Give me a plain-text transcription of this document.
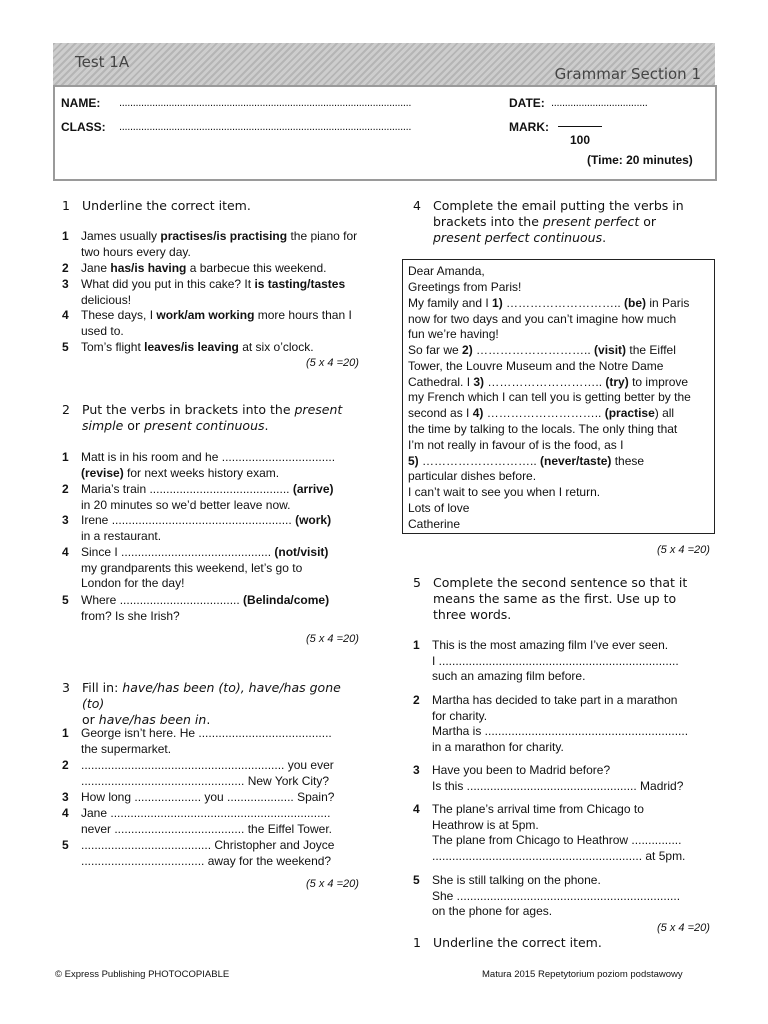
Test 1A
Grammar Section 1
NAME: ..........................................................................................................	DATE: ...................................
CLASS: ..........................................................................................................	MARK:
100
(Time: 20 minutes)
1 Underline the correct item.
1 James usually practises/is practising the piano for two hours every day.
2 Jane has/is having a barbecue this weekend.
3 What did you put in this cake? It is tasting/tastes delicious!
4 These days, I work/am working more hours than I used to.
5 Tom’s flight leaves/is leaving at six o’clock.
(5 x 4 =20)
2 Put the verbs in brackets into the present simple or present continuous.
1 Matt is in his room and he ..................................
(revise) for next weeks history exam.
2 Maria’s train .......................................... (arrive)
in 20 minutes so we’d better leave now.
3 Irene ...................................................... (work)
in a restaurant.
4 Since I ............................................. (not/visit)
my grandparents this weekend, let’s go to
London for the day!
5 Where .................................... (Belinda/come)
from? Is she Irish?
(5 x 4 =20)
3 Fill in: have/has been (to), have/has gone (to)
or have/has been in.
1 George isn’t here. He ........................................
the supermarket.
2 ............................................................. you ever
................................................. New York City?
3 How long .................... you .................... Spain?
4 Jane ..................................................................
never ....................................... the Eiffel Tower.
5 ....................................... Christopher and Joyce
..................................... away for the weekend?
(5 x 4 =20)
4 Complete the email putting the verbs in brackets into the present perfect or
present perfect continuous.
Dear Amanda,
Greetings from Paris!
My family and I 1) ……………………….. (be) in Paris
now for two days and you can’t imagine how much
fun we’re having!
So far we 2) ……………………….. (visit) the Eiffel
Tower, the Louvre Museum and the Notre Dame
Cathedral. I 3) ……………………….. (try) to improve
my French which I can tell you is getting better by the
second as I 4) ……………………….. (practise) all
the time by talking to the locals. The only thing that
I’m not really in favour of is the food, as I
5) ……………………….. (never/taste) these
particular dishes before.
I can’t wait to see you when I return.
Lots of love
Catherine
(5 x 4 =20)
5 Complete the second sentence so that it means the same as the first. Use up to three words.
1 This is the most amazing film I’ve ever seen.
I ........................................................................
such an amazing film before.
2 Martha has decided to take part in a marathon
for charity.
Martha is .............................................................
in a marathon for charity.
3 Have you been to Madrid before?
Is this ................................................... Madrid?
4 The plane’s arrival time from Chicago to
Heathrow is at 5pm.
The plane from Chicago to Heathrow ...............
............................................................... at 5pm.
5 She is still talking on the phone.
She ...................................................................
on the phone for ages.
(5 x 4 =20)
1 Underline the correct item.
© Express Publishing PHOTOCOPIABLE	Matura 2015 Repetytorium poziom podstawowy
